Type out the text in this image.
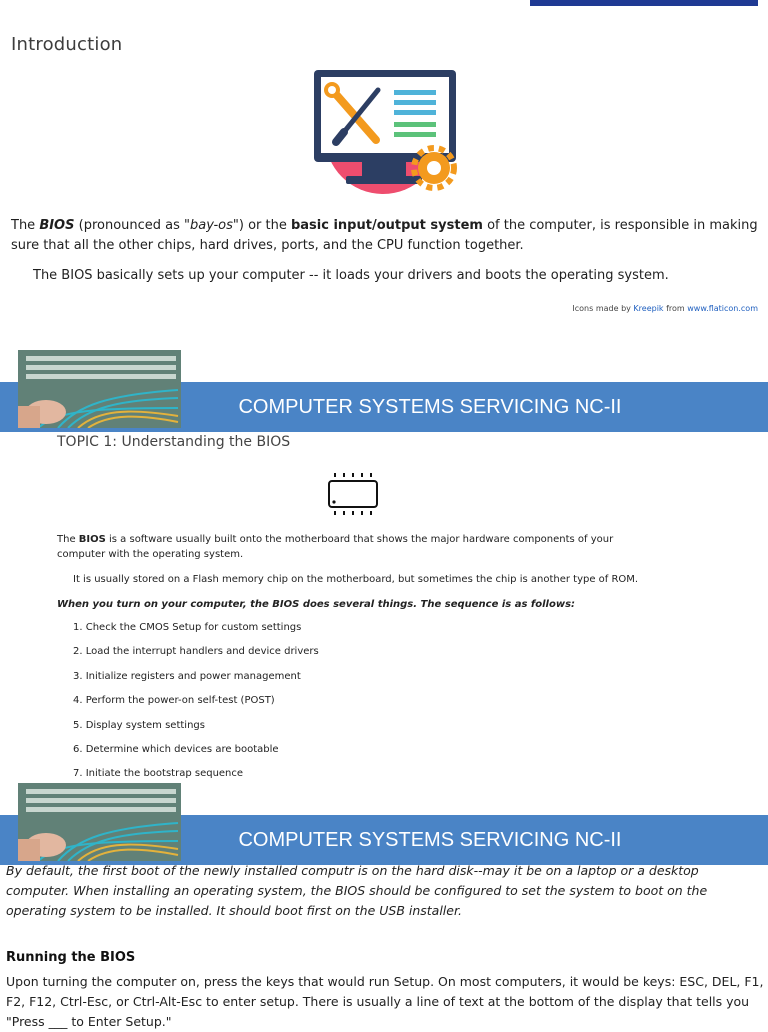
Introduction
The BIOS (pronounced as "bay-os") or the basic input/output system of the computer, is responsible in making sure that all the other chips, hard drives, ports, and the CPU function together.
The BIOS basically sets up your computer -- it loads your drivers and boots the operating system.
Icons made by Kreepik from www.flaticon.com
COMPUTER SYSTEMS SERVICING NC-II
TOPIC 1: Understanding the BIOS
The BIOS is a software usually built onto the motherboard that shows the major hardware components of your computer with the operating system.
It is usually stored on a Flash memory chip on the motherboard, but sometimes the chip is another type of ROM.
When you turn on your computer, the BIOS does several things. The sequence is as follows:
1. Check the CMOS Setup for custom settings
2. Load the interrupt handlers and device drivers
3. Initialize registers and power management
4. Perform the power-on self-test (POST)
5. Display system settings
6. Determine which devices are bootable
7. Initiate the bootstrap sequence
COMPUTER SYSTEMS SERVICING NC-II
By default, the first boot of the newly installed computr is on the hard disk--may it be on a laptop or a desktop computer. When installing an operating system, the BIOS should be configured to set the system to boot on the operating system to be installed. It should boot first on the USB installer.
Running the BIOS
Upon turning the computer on, press the keys that would run Setup. On most computers, it would be keys: ESC, DEL, F1, F2, F12, Ctrl-Esc, or Ctrl-Alt-Esc to enter setup. There is usually a line of text at the bottom of the display that tells you "Press ___ to Enter Setup."
